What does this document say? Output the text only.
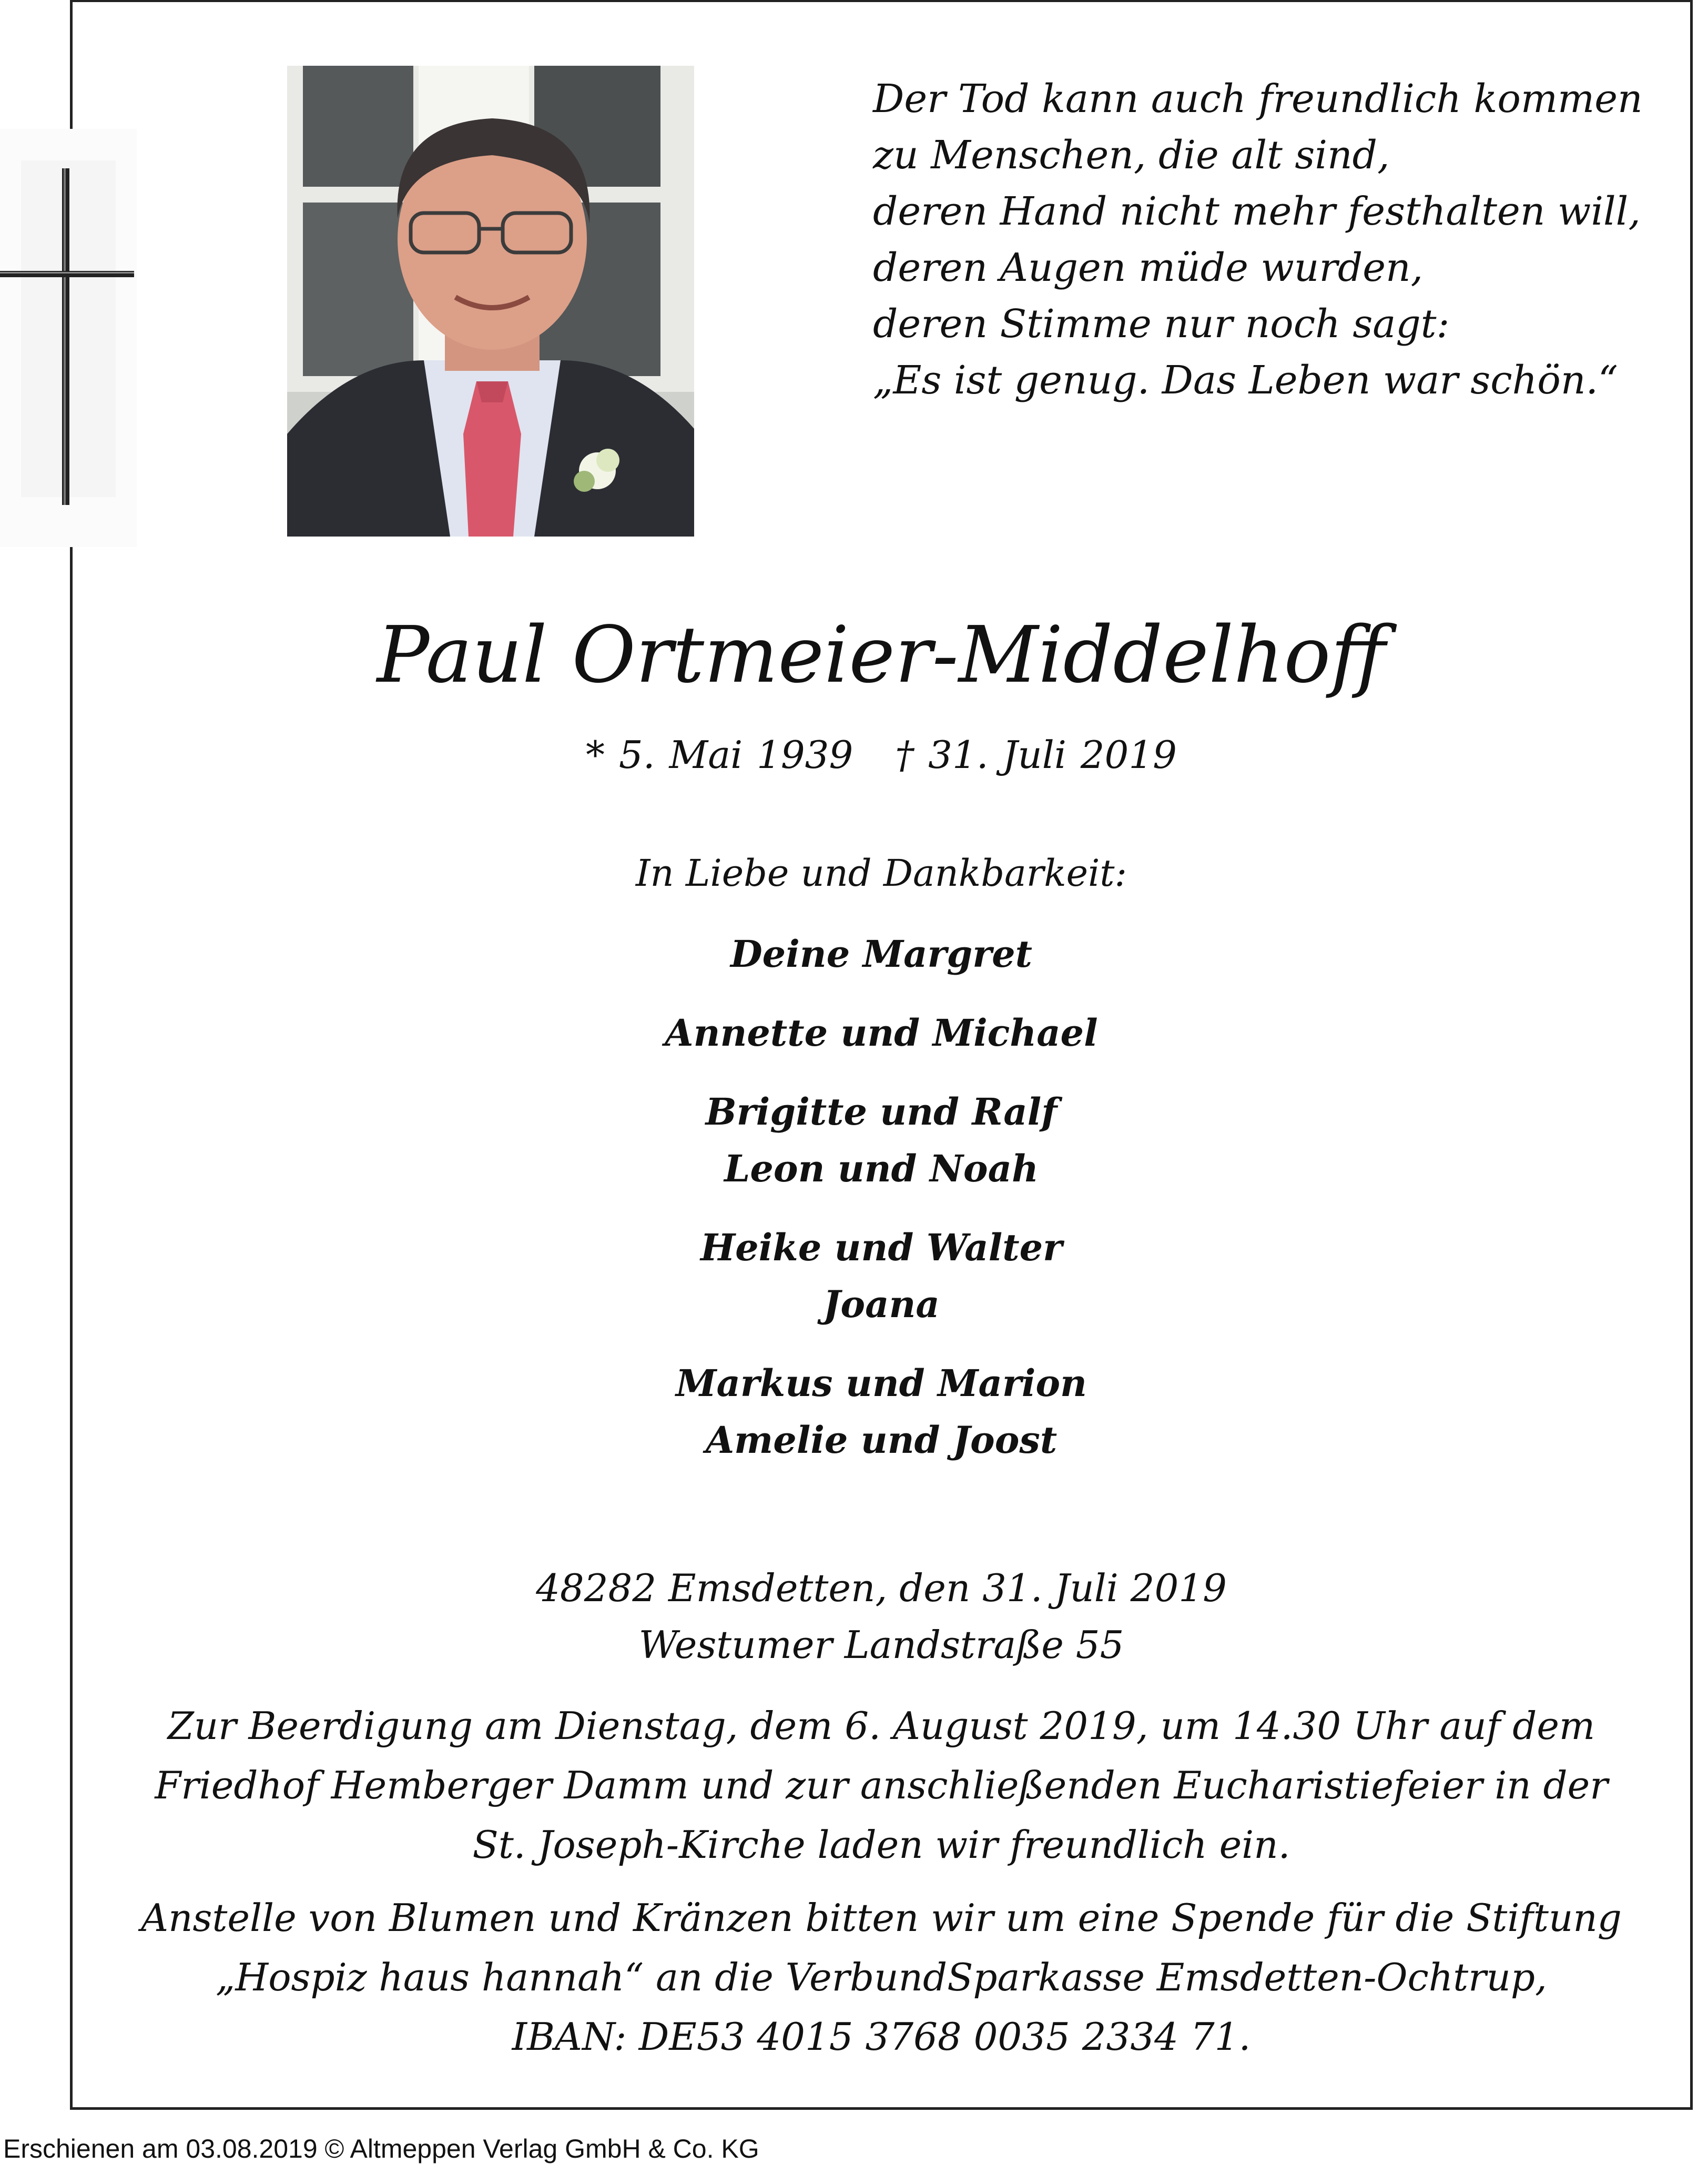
Der Tod kann auch freundlich kommen
zu Menschen, die alt sind,
deren Hand nicht mehr festhalten will,
deren Augen müde wurden,
deren Stimme nur noch sagt:
„Es ist genug. Das Leben war schön.“
Paul Ortmeier-Middelhoff
* 5. Mai 1939 † 31. Juli 2019
In Liebe und Dankbarkeit:
Deine Margret
Annette und Michael
Brigitte und Ralf
Leon und Noah
Heike und Walter
Joana
Markus und Marion
Amelie und Joost
48282 Emsdetten, den 31. Juli 2019
Westumer Landstraße 55
Zur Beerdigung am Dienstag, dem 6. August 2019, um 14.30 Uhr auf dem
Friedhof Hemberger Damm und zur anschließenden Eucharistiefeier in der
St. Joseph-Kirche laden wir freundlich ein.
Anstelle von Blumen und Kränzen bitten wir um eine Spende für die Stiftung
„Hospiz haus hannah“ an die VerbundSparkasse Emsdetten-Ochtrup,
IBAN: DE53 4015 3768 0035 2334 71.
Erschienen am 03.08.2019 © Altmeppen Verlag GmbH & Co. KG
